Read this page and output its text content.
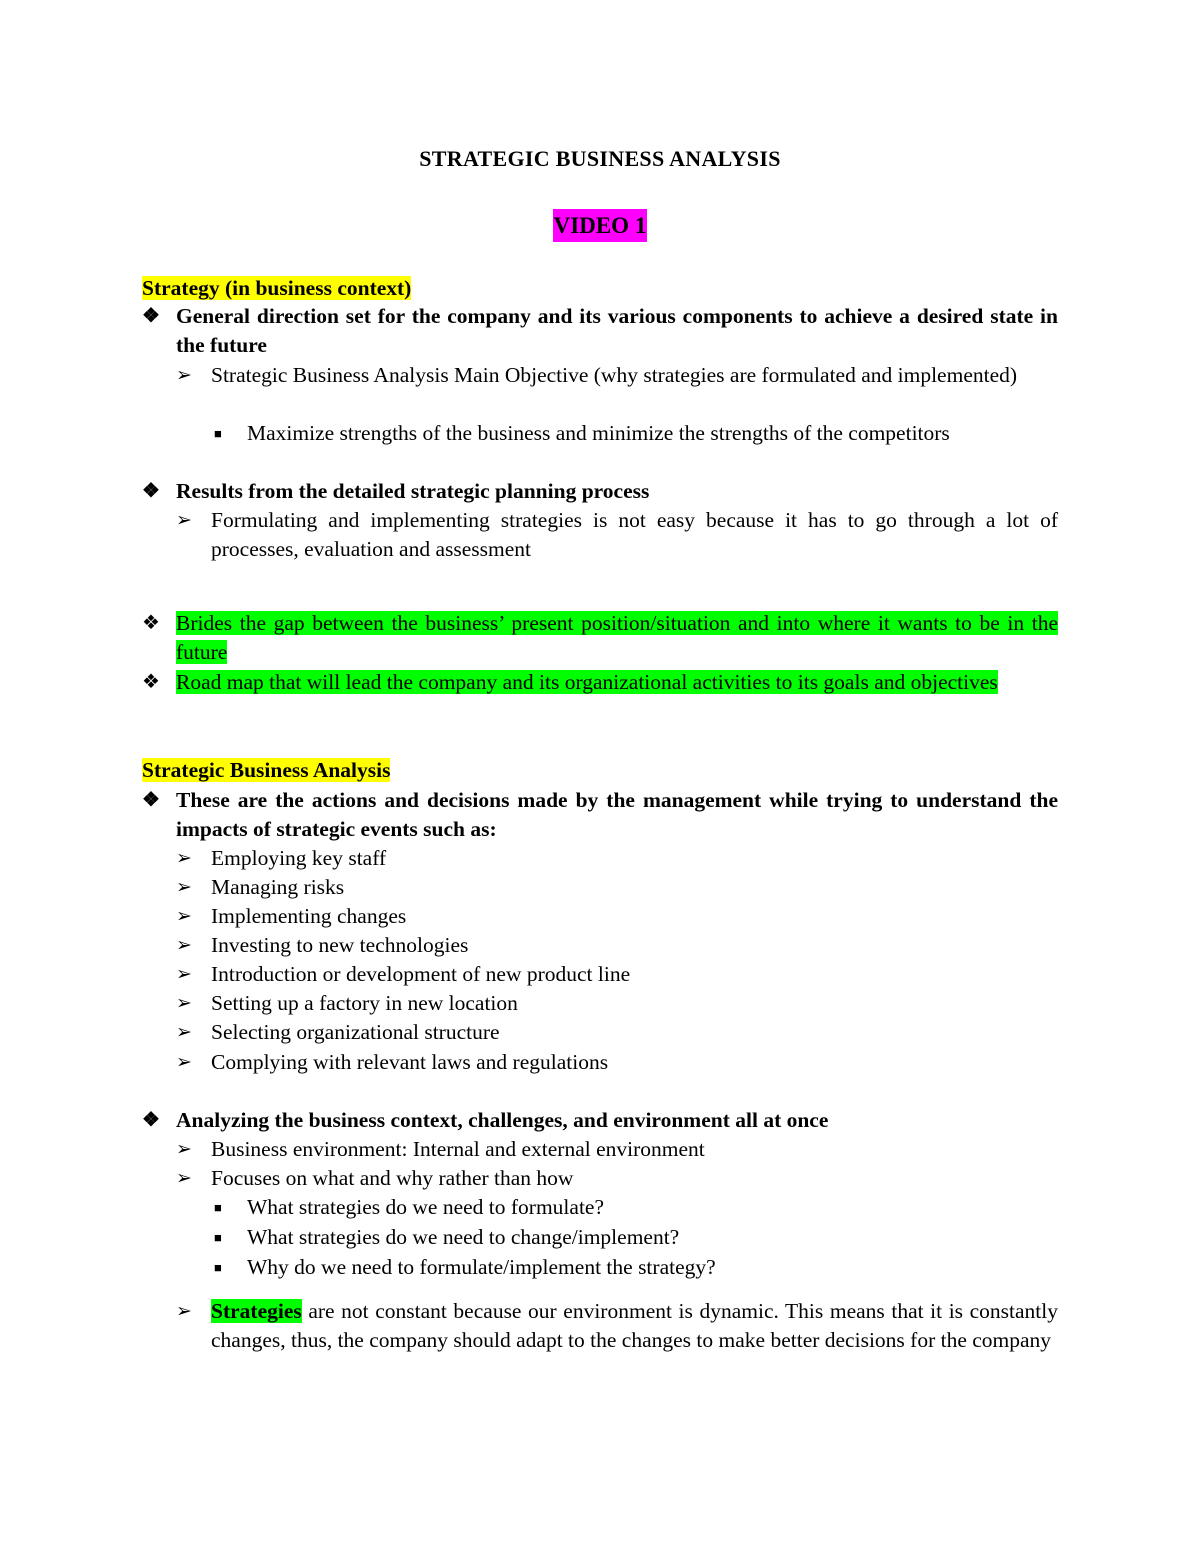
STRATEGIC BUSINESS ANALYSIS
VIDEO 1
Strategy (in business context)
❖ General direction set for the company and its various components to achieve a desired state in the future
➢ Strategic Business Analysis Main Objective (why strategies are formulated and implemented)
■	Maximize strengths of the business and minimize the strengths of the competitors
❖ Results from the detailed strategic planning process
➢ Formulating and implementing strategies is not easy because it has to go through a lot of processes, evaluation and assessment
❖ Brides the gap between the business’ present position/situation and into where it wants to be in the future
❖ Road map that will lead the company and its organizational activities to its goals and objectives
Strategic Business Analysis
❖ These are the actions and decisions made by the management while trying to understand the impacts of strategic events such as:
➢ Employing key staff
➢ Managing risks
➢ Implementing changes
➢ Investing to new technologies
➢ Introduction or development of new product line
➢ Setting up a factory in new location
➢ Selecting organizational structure
➢ Complying with relevant laws and regulations
❖ Analyzing the business context, challenges, and environment all at once
➢ Business environment: Internal and external environment
➢ Focuses on what and why rather than how
■	What strategies do we need to formulate?
■	What strategies do we need to change/implement?
■	Why do we need to formulate/implement the strategy?
➢ Strategies are not constant because our environment is dynamic. This means that it is constantly changes, thus, the company should adapt to the changes to make better decisions for the company
